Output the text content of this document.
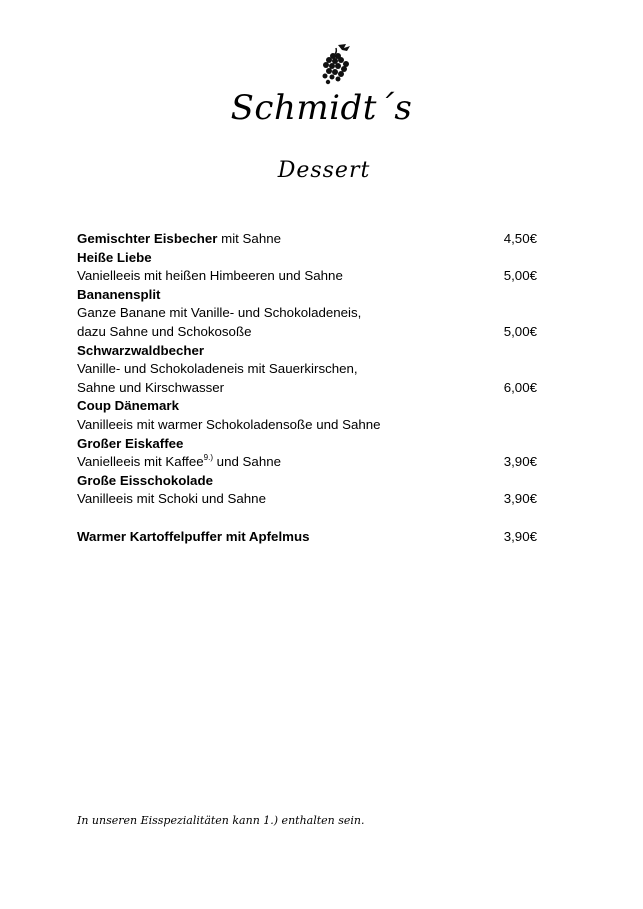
Schmidt´s
Dessert
Gemischter Eisbecher mit Sahne	4,50€
Heiße Liebe
Vanielleeis mit heißen Himbeeren und Sahne	5,00€
Bananensplit
Ganze Banane mit Vanille- und Schokoladeneis,
dazu Sahne und Schokosoße	5,00€
Schwarzwaldbecher
Vanille- und Schokoladeneis mit Sauerkirschen,
Sahne und Kirschwasser	6,00€
Coup Dänemark
Vanilleeis mit warmer Schokoladensoße und Sahne
Großer Eiskaffee
Vanielleeis mit Kaffee$^{9.)}$ und Sahne	3,90€
Große Eisschokolade
Vanilleeis mit Schoki und Sahne	3,90€
Warmer Kartoffelpuffer mit Apfelmus	3,90€
In unseren Eisspezialitäten kann 1.) enthalten sein.
